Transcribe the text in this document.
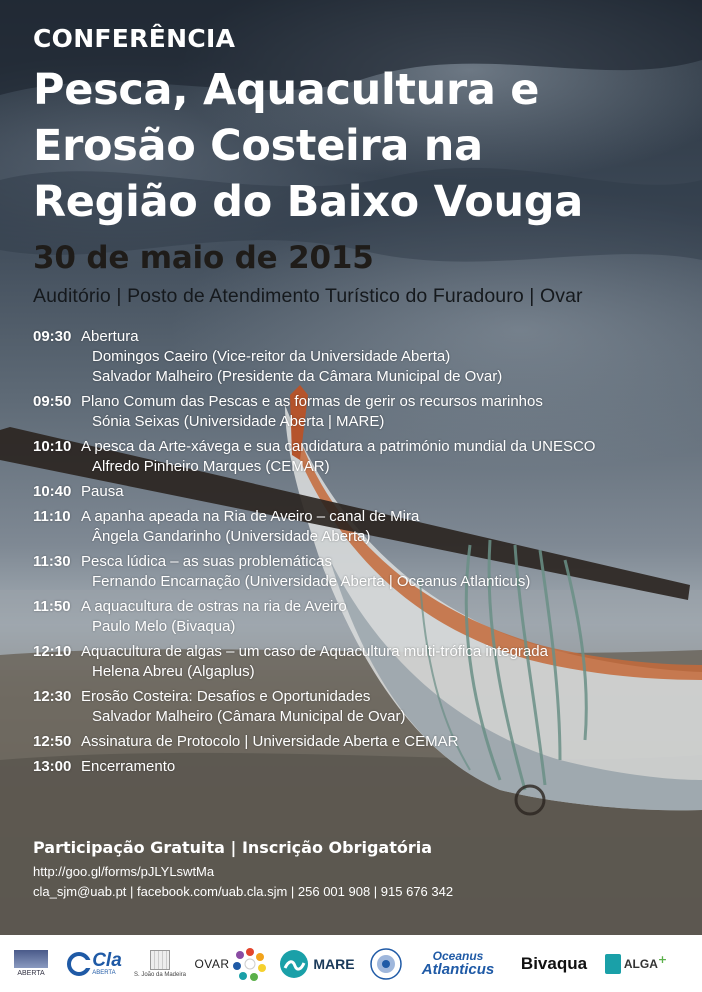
CONFERÊNCIA
Pesca, Aquacultura e
Erosão Costeira na
Região do Baixo Vouga
30 de maio de 2015
Auditório | Posto de Atendimento Turístico do Furadouro | Ovar
09:30 Abertura
Domingos Caeiro (Vice-reitor da Universidade Aberta)
Salvador Malheiro (Presidente da Câmara Municipal de Ovar)
09:50 Plano Comum das Pescas e as formas de gerir os recursos marinhos
Sónia Seixas (Universidade Aberta | MARE)
10:10 A pesca da Arte-xávega e sua candidatura a património mundial da UNESCO
Alfredo Pinheiro Marques (CEMAR)
10:40 Pausa
11:10 A apanha apeada na Ria de Aveiro – canal de Mira
Ângela Gandarinho (Universidade Aberta)
11:30 Pesca lúdica – as suas problemáticas
Fernando Encarnação (Universidade Aberta | Oceanus Atlanticus)
11:50 A aquacultura de ostras na ria de Aveiro
Paulo Melo (Bivaqua)
12:10 Aquacultura de algas – um caso de Aquacultura multi-trófica integrada
Helena Abreu (Algaplus)
12:30 Erosão Costeira: Desafios e Oportunidades
Salvador Malheiro (Câmara Municipal de Ovar)
12:50 Assinatura de Protocolo | Universidade Aberta e CEMAR
13:00 Encerramento
Participação Gratuita | Inscrição Obrigatória
http://goo.gl/forms/pJLYLswtMa
cla_sjm@uab.pt | facebook.com/uab.cla.sjm | 256 001 908 | 915 676 342
ABERTA
Cla
ABERTA	S. João da Madeira
OVAR	MARE	Oceanus
Atlanticus Bivaqua	ALGA +
